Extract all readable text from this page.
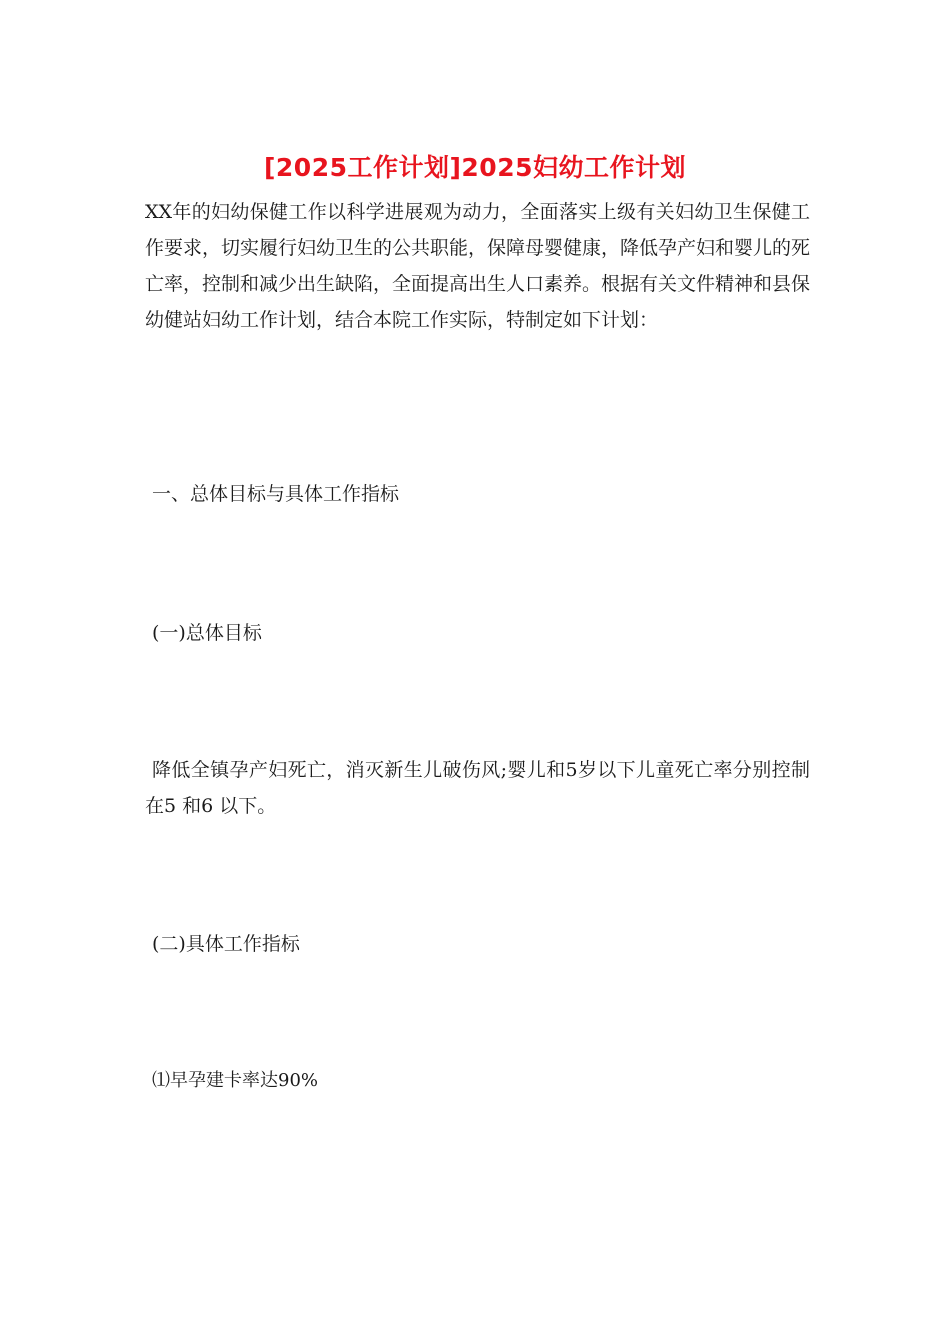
[2025工作计划]2025妇幼工作计划

XX年的妇幼保健工作以科学进展观为动力，全面落实上级有关妇幼卫生保健工作要求，切实履行妇幼卫生的公共职能，保障母婴健康，降低孕产妇和婴儿的死亡率，控制和减少出生缺陷，全面提高出生人口素养。根据有关文件精神和县保幼健站妇幼工作计划，结合本院工作实际，特制定如下计划：

一、总体目标与具体工作指标

(一)总体目标

降低全镇孕产妇死亡，消灭新生儿破伤风;婴儿和5岁以下儿童死亡率分别控制在5 和6 以下。

(二)具体工作指标

⑴早孕建卡率达90%
